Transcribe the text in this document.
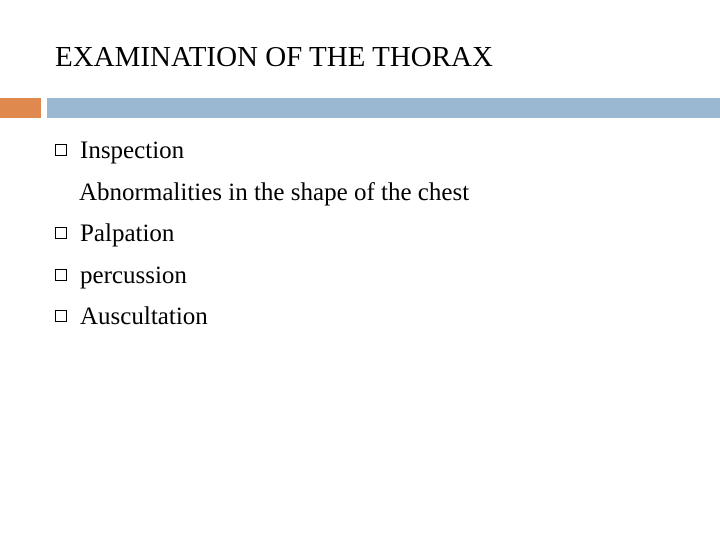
EXAMINATION OF THE THORAX
Inspection
Abnormalities in the shape of the chest
Palpation
percussion
Auscultation
